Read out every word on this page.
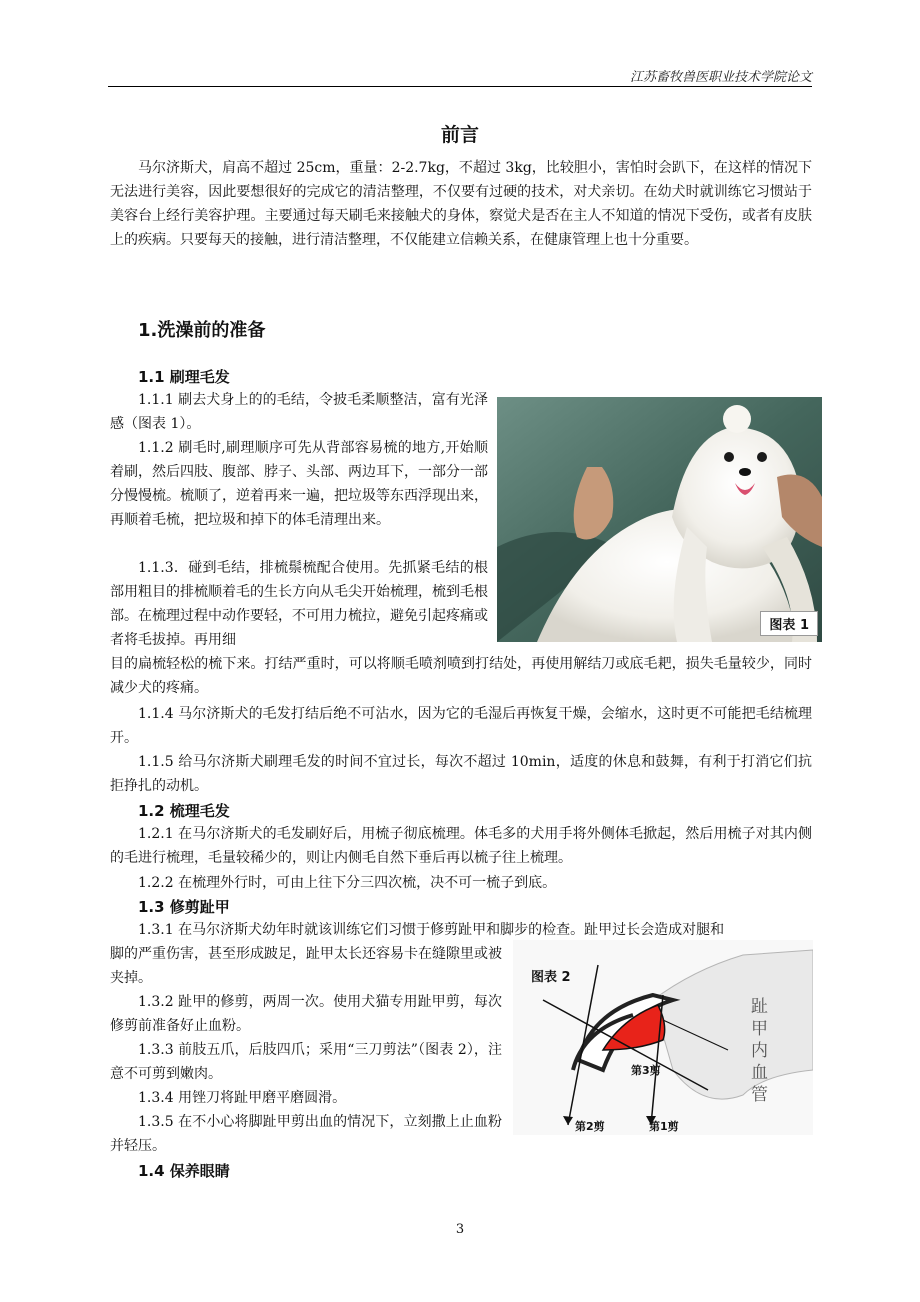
江苏畜牧兽医职业技术学院论文
前言

马尔济斯犬，肩高不超过 25cm，重量：2-2.7kg，不超过 3kg，比较胆小，害怕时会趴下，在这样的情况下无法进行美容，因此要想很好的完成它的清洁整理，不仅要有过硬的技术，对犬亲切。在幼犬时就训练它习惯站于美容台上经行美容护理。主要通过每天刷毛来接触犬的身体，察觉犬是否在主人不知道的情况下受伤，或者有皮肤上的疾病。只要每天的接触，进行清洁整理，不仅能建立信赖关系，在健康管理上也十分重要。

1.洗澡前的准备
1.1 刷理毛发

1.1.1 刷去犬身上的的毛结，令披毛柔顺整洁，富有光泽感（图表 1）。

1.1.2 刷毛时,刷理顺序可先从背部容易梳的地方,开始顺着刷，然后四肢、腹部、脖子、头部、两边耳下，一部分一部分慢慢梳。梳顺了，逆着再来一遍，把垃圾等东西浮现出来，再顺着毛梳，把垃圾和掉下的体毛清理出来。

1.1.3．碰到毛结，排梳鬃梳配合使用。先抓紧毛结的根部用粗目的排梳顺着毛的生长方向从毛尖开始梳理，梳到毛根部。在梳理过程中动作要轻，不可用力梳拉，避免引起疼痛或者将毛拔掉。再用细

目的扁梳轻松的梳下来。打结严重时，可以将顺毛喷剂喷到打结处，再使用解结刀或底毛耙，损失毛量较少，同时减少犬的疼痛。

1.1.4 马尔济斯犬的毛发打结后绝不可沾水，因为它的毛湿后再恢复干燥，会缩水，这时更不可能把毛结梳理开。

1.1.5 给马尔济斯犬刷理毛发的时间不宜过长，每次不超过 10min，适度的休息和鼓舞，有利于打消它们抗拒挣扎的动机。

1.2 梳理毛发

1.2.1 在马尔济斯犬的毛发刷好后，用梳子彻底梳理。体毛多的犬用手将外侧体毛掀起，然后用梳子对其内侧的毛进行梳理，毛量较稀少的，则让内侧毛自然下垂后再以梳子往上梳理。

1.2.2 在梳理外行时，可由上往下分三四次梳，决不可一梳子到底。

1.3 修剪趾甲

1.3.1 在马尔济斯犬幼年时就该训练它们习惯于修剪趾甲和脚步的检查。趾甲过长会造成对腿和

脚的严重伤害，甚至形成跛足，趾甲太长还容易卡在缝隙里或被夹掉。

1.3.2 趾甲的修剪，两周一次。使用犬猫专用趾甲剪，每次修剪前准备好止血粉。

1.3.3 前肢五爪，后肢四爪；采用“三刀剪法”（图表 2），注意不可剪到嫩肉。

1.3.4 用锉刀将趾甲磨平磨圆滑。

1.3.5 在不小心将脚趾甲剪出血的情况下，立刻撒上止血粉并轻压。

1.4 保养眼睛
图表 1
图表 2
趾
甲
内
血
管
第3剪
第2剪	第1剪
3
